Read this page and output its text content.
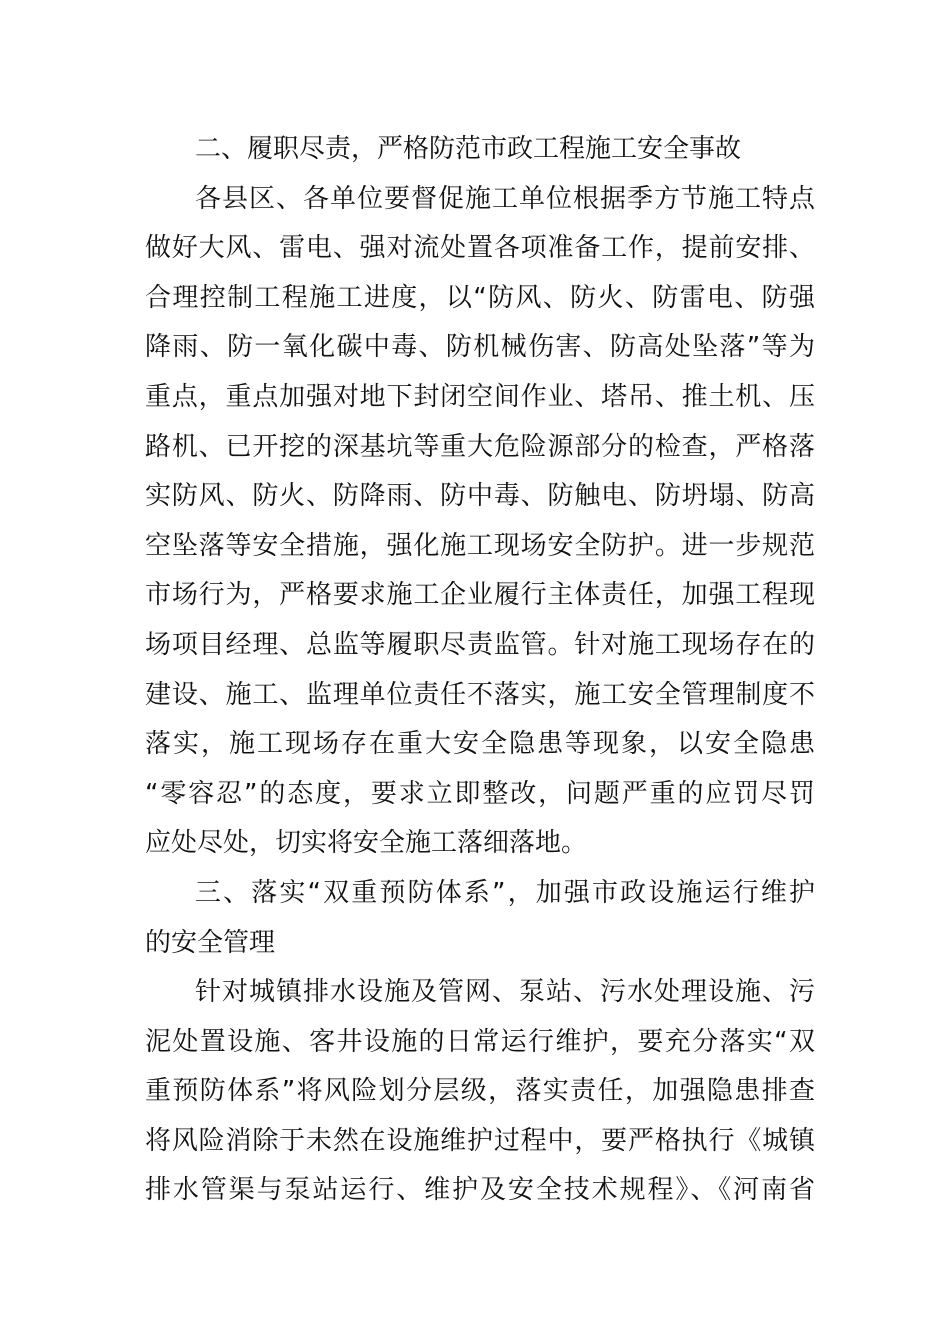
二、履职尽责，严格防范市政工程施工安全事故
各县区、各单位要督促施工单位根据季方节施工特点
做好大风、雷电、强对流处置各项准备工作，提前安排、
合理控制工程施工进度，以“防风、防火、防雷电、防强
降雨、防一氧化碳中毒、防机械伤害、防高处坠落”等为
重点，重点加强对地下封闭空间作业、塔吊、推土机、压
路机、已开挖的深基坑等重大危险源部分的检查，严格落
实防风、防火、防降雨、防中毒、防触电、防坍塌、防高
空坠落等安全措施，强化施工现场安全防护。进一步规范
市场行为，严格要求施工企业履行主体责任，加强工程现
场项目经理、总监等履职尽责监管。针对施工现场存在的
建设、施工、监理单位责任不落实，施工安全管理制度不
落实，施工现场存在重大安全隐患等现象，以安全隐患
“零容忍”的态度，要求立即整改，问题严重的应罚尽罚
应处尽处，切实将安全施工落细落地。
三、落实“双重预防体系”，加强市政设施运行维护
的安全管理
针对城镇排水设施及管网、泵站、污水处理设施、污
泥处置设施、客井设施的日常运行维护，要充分落实“双
重预防体系”将风险划分层级，落实责任，加强隐患排查
将风险消除于未然在设施维护过程中，要严格执行《城镇
排水管渠与泵站运行、维护及安全技术规程》、《河南省
